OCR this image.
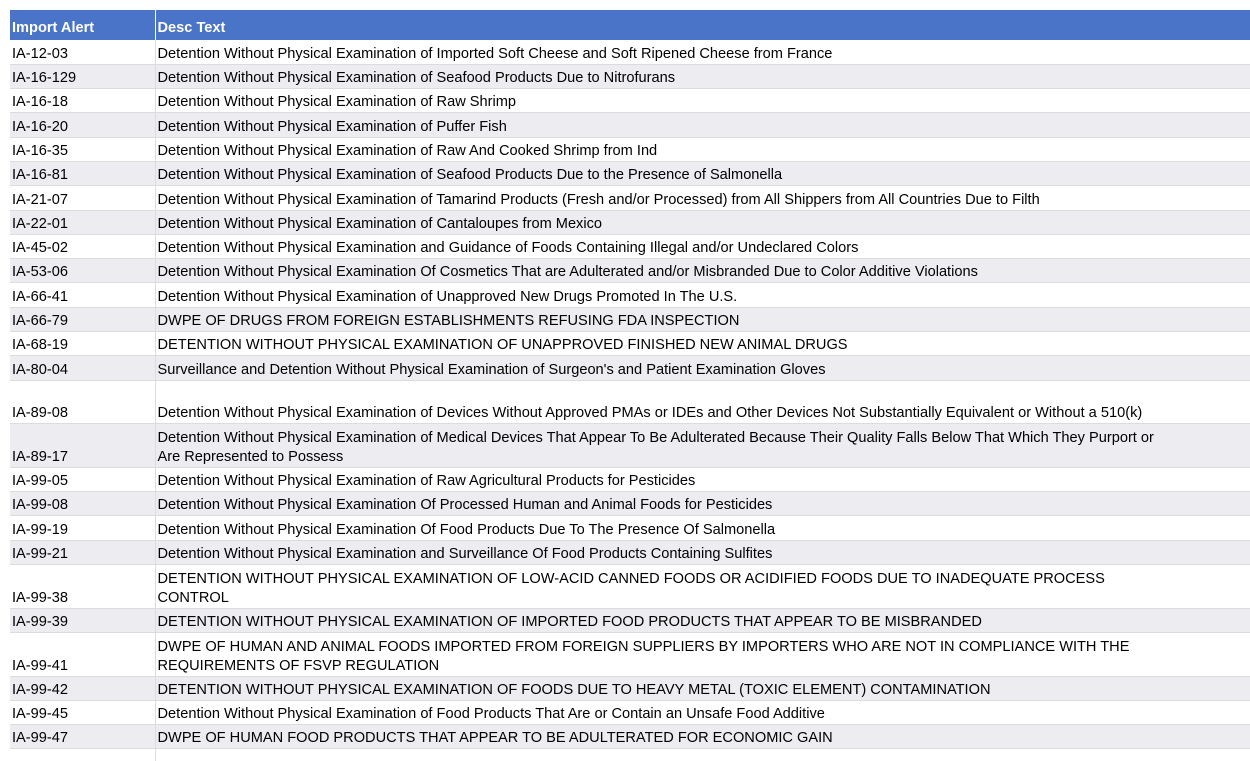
Import Alert	Desc Text
IA-12-03	Detention Without Physical Examination of Imported Soft Cheese and Soft Ripened Cheese from France
IA-16-129	Detention Without Physical Examination of Seafood Products Due to Nitrofurans
IA-16-18	Detention Without Physical Examination of Raw Shrimp
IA-16-20	Detention Without Physical Examination of Puffer Fish
IA-16-35	Detention Without Physical Examination of Raw And Cooked Shrimp from Ind
IA-16-81	Detention Without Physical Examination of Seafood Products Due to the Presence of Salmonella
IA-21-07	Detention Without Physical Examination of Tamarind Products (Fresh and/or Processed) from All Shippers from All Countries Due to Filth
IA-22-01	Detention Without Physical Examination of Cantaloupes from Mexico
IA-45-02	Detention Without Physical Examination and Guidance of Foods Containing Illegal and/or Undeclared Colors
IA-53-06	Detention Without Physical Examination Of Cosmetics That are Adulterated and/or Misbranded Due to Color Additive Violations
IA-66-41	Detention Without Physical Examination of Unapproved New Drugs Promoted In The U.S.
IA-66-79	DWPE OF DRUGS FROM FOREIGN ESTABLISHMENTS REFUSING FDA INSPECTION
IA-68-19	DETENTION WITHOUT PHYSICAL EXAMINATION OF UNAPPROVED FINISHED NEW ANIMAL DRUGS
IA-80-04	Surveillance and Detention Without Physical Examination of Surgeon's and Patient Examination Gloves
IA-89-08	Detention Without Physical Examination of Devices Without Approved PMAs or IDEs and Other Devices Not Substantially Equivalent or Without a 510(k)
IA-89-17	Detention Without Physical Examination of Medical Devices That Appear To Be Adulterated Because Their Quality Falls Below That Which They Purport or Are Represented to Possess
IA-99-05	Detention Without Physical Examination of Raw Agricultural Products for Pesticides
IA-99-08	Detention Without Physical Examination Of Processed Human and Animal Foods for Pesticides
IA-99-19	Detention Without Physical Examination Of Food Products Due To The Presence Of Salmonella
IA-99-21	Detention Without Physical Examination and Surveillance Of Food Products Containing Sulfites
IA-99-38	DETENTION WITHOUT PHYSICAL EXAMINATION OF LOW-ACID CANNED FOODS OR ACIDIFIED FOODS DUE TO INADEQUATE PROCESS CONTROL
IA-99-39	DETENTION WITHOUT PHYSICAL EXAMINATION OF IMPORTED FOOD PRODUCTS THAT APPEAR TO BE MISBRANDED
IA-99-41	DWPE OF HUMAN AND ANIMAL FOODS IMPORTED FROM FOREIGN SUPPLIERS BY IMPORTERS WHO ARE NOT IN COMPLIANCE WITH THE REQUIREMENTS OF FSVP REGULATION
IA-99-42	DETENTION WITHOUT PHYSICAL EXAMINATION OF FOODS DUE TO HEAVY METAL (TOXIC ELEMENT) CONTAMINATION
IA-99-45	Detention Without Physical Examination of Food Products That Are or Contain an Unsafe Food Additive
IA-99-47	DWPE OF HUMAN FOOD PRODUCTS THAT APPEAR TO BE ADULTERATED FOR ECONOMIC GAIN
